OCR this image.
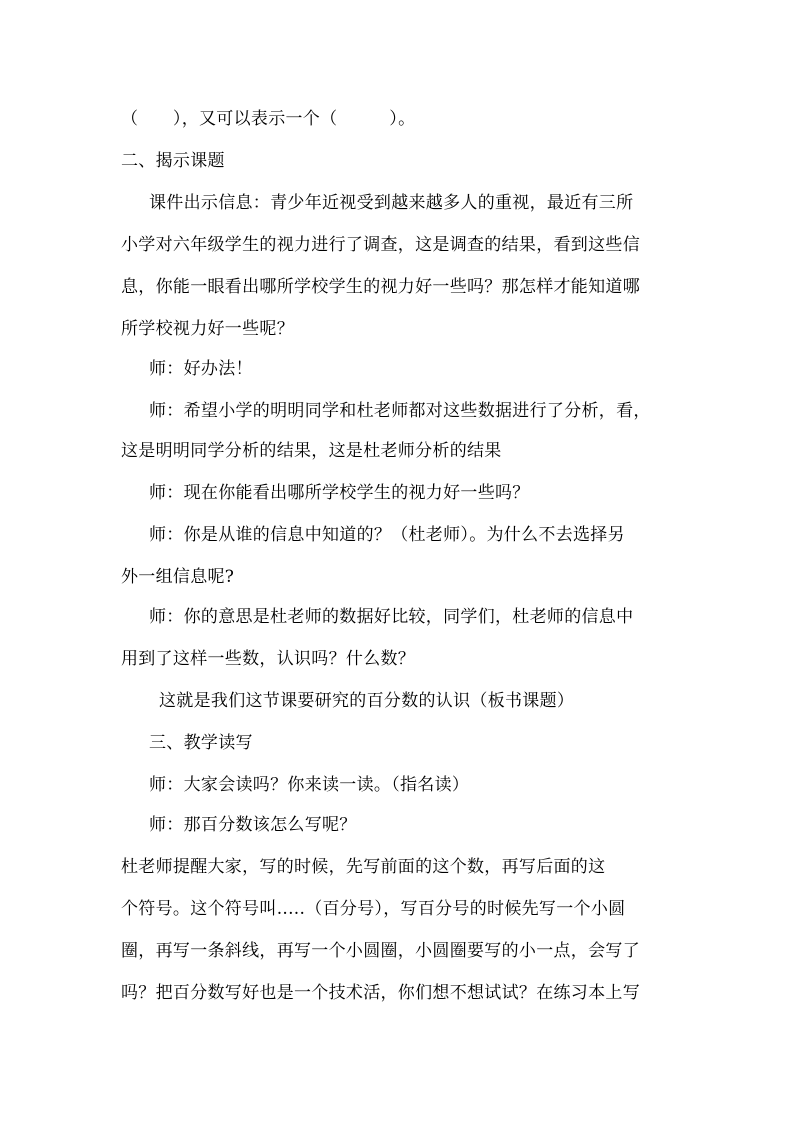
（　　），又可以表示一个（　　　）。
二、揭示课题
课件出示信息：青少年近视受到越来越多人的重视，最近有三所
小学对六年级学生的视力进行了调查，这是调查的结果，看到这些信
息，你能一眼看出哪所学校学生的视力好一些吗？那怎样才能知道哪
所学校视力好一些呢？
师：好办法！
师：希望小学的明明同学和杜老师都对这些数据进行了分析，看，
这是明明同学分析的结果，这是杜老师分析的结果
师：现在你能看出哪所学校学生的视力好一些吗？
师：你是从谁的信息中知道的？（杜老师）。为什么不去选择另
外一组信息呢?
师：你的意思是杜老师的数据好比较，同学们，杜老师的信息中
用到了这样一些数，认识吗？什么数？
这就是我们这节课要研究的百分数的认识（板书课题）
三、教学读写
师：大家会读吗？你来读一读。（指名读）
师：那百分数该怎么写呢？
杜老师提醒大家，写的时候，先写前面的这个数，再写后面的这
个符号。这个符号叫.....（百分号），写百分号的时候先写一个小圆
圈，再写一条斜线，再写一个小圆圈，小圆圈要写的小一点，会写了
吗？把百分数写好也是一个技术活，你们想不想试试？在练习本上写
